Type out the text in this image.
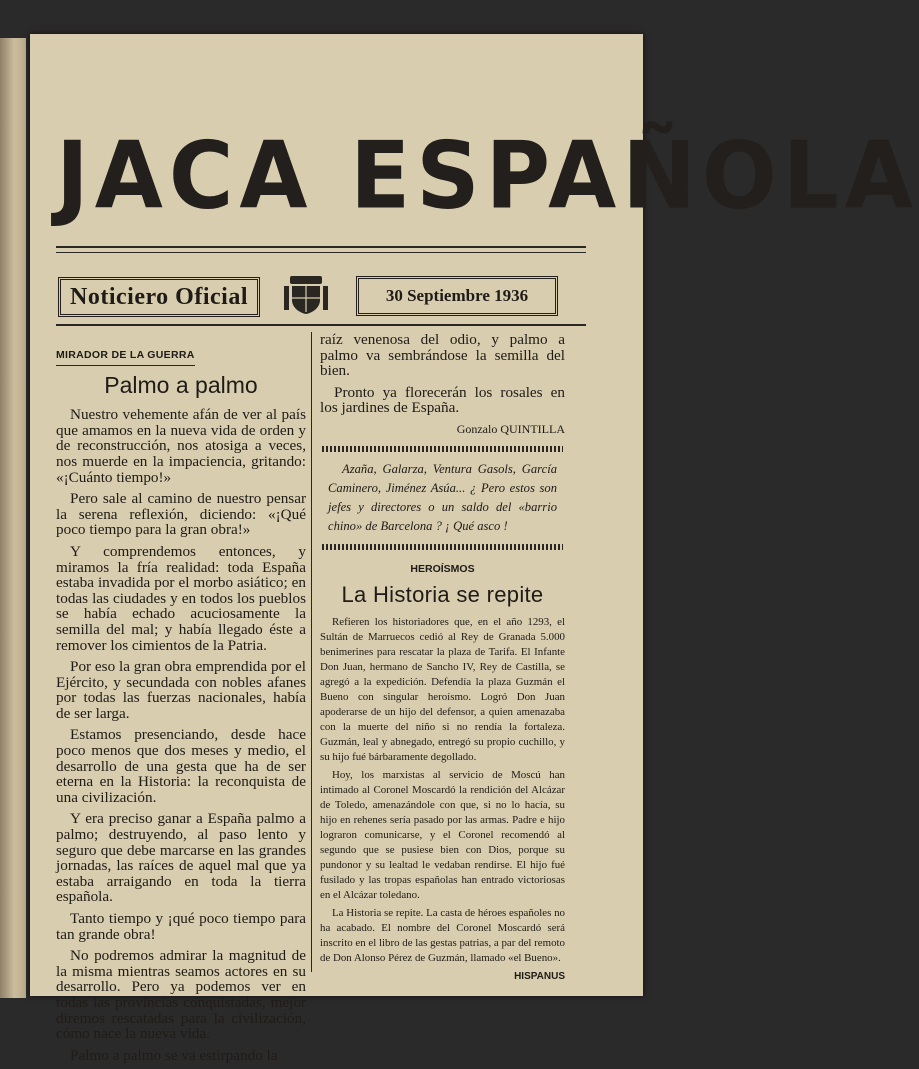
JACA ESPAÑOLA
Noticiero Oficial	30 Septiembre 1936
MIRADOR DE LA GUERRA
Palmo a palmo

Nuestro vehemente afán de ver al país que amamos en la nueva vida de orden y de reconstrucción, nos atosiga a veces, nos muerde en la impaciencia, gritando: «¡Cuánto tiempo!»

Pero sale al camino de nuestro pensar la serena reflexión, diciendo: «¡Qué poco tiempo para la gran obra!»

Y comprendemos entonces, y miramos la fría realidad: toda España estaba invadida por el morbo asiático; en todas las ciudades y en todos los pueblos se había echado acuciosamente la semilla del mal; y había llegado éste a remover los cimientos de la Patria.

Por eso la gran obra emprendida por el Ejército, y secundada con nobles afanes por todas las fuerzas nacionales, había de ser larga.

Estamos presenciando, desde hace poco menos que dos meses y medio, el desarrollo de una gesta que ha de ser eterna en la Historia: la reconquista de una civilización.

Y era preciso ganar a España palmo a palmo; destruyendo, al paso lento y seguro que debe marcarse en las grandes jornadas, las raíces de aquel mal que ya estaba arraigando en toda la tierra española.

Tanto tiempo y ¡qué poco tiempo para tan grande obra!

No podremos admirar la magnitud de la misma mientras seamos actores en su desarrollo. Pero ya podemos ver en todas las provincias conquistadas, mejor diremos rescatadas para la civilización, cómo nace la nueva vida.

Palmo a palmo se va estirpando la

raíz venenosa del odio, y palmo a palmo va sembrándose la semilla del bien.

Pronto ya florecerán los rosales en los jardines de España.

Gonzalo QUINTILLA

Azaña, Galarza, Ventura Gasols, García Caminero, Jiménez Asúa... ¿ Pero estos son jefes y directores o un saldo del «barrio chino» de Barcelona ? ¡ Qué asco !

HEROÍSMOS
La Historia se repite

Refieren los historiadores que, en el año 1293, el Sultán de Marruecos cedió al Rey de Granada 5.000 benimerines para rescatar la plaza de Tarifa. El Infante Don Juan, hermano de Sancho IV, Rey de Castilla, se agregó a la expedición. Defendía la plaza Guzmán el Bueno con singular heroísmo. Logró Don Juan apoderarse de un hijo del defensor, a quien amenazaba con la muerte del niño si no rendía la fortaleza. Guzmán, leal y abnegado, entregó su propio cuchillo, y su hijo fué bárbaramente degollado.

Hoy, los marxistas al servicio de Moscú han intimado al Coronel Moscardó la rendición del Alcázar de Toledo, amenazándole con que, si no lo hacía, su hijo en rehenes sería pasado por las armas. Padre e hijo lograron comunicarse, y el Coronel recomendó al segundo que se pusiese bien con Dios, porque su pundonor y su lealtad le vedaban rendirse. El hijo fué fusilado y las tropas españolas han entrado victoriosas en el Alcázar toledano.

La Historia se repite. La casta de héroes españoles no ha acabado. El nombre del Coronel Moscardó será inscrito en el libro de las gestas patrias, a par del remoto de Don Alonso Pérez de Guzmán, llamado «el Bueno».

HISPANUS
